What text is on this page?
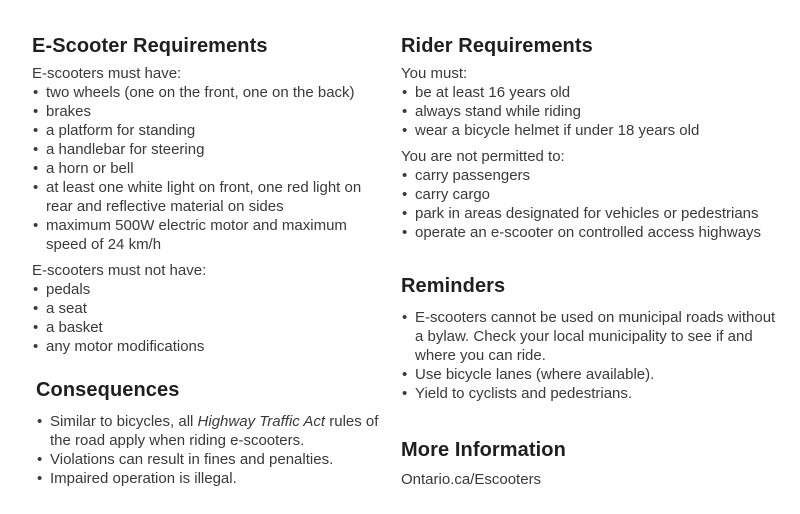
E-Scooter Requirements

E-scooters must have:

• two wheels (one on the front, one on the back)
• brakes
• a platform for standing
• a handlebar for steering
• a horn or bell
• at least one white light on front, one red light on rear and reflective material on sides
• maximum 500W electric motor and maximum speed of 24 km/h

E-scooters must not have:

• pedals
• a seat
• a basket
• any motor modifications
Consequences
• Similar to bicycles, all Highway Traffic Act rules of the road apply when riding e-scooters.
• Violations can result in fines and penalties.
• Impaired operation is illegal.
Rider Requirements

You must:

• be at least 16 years old
• always stand while riding
• wear a bicycle helmet if under 18 years old

You are not permitted to:

• carry passengers
• carry cargo
• park in areas designated for vehicles or pedestrians
• operate an e-scooter on controlled access highways
Reminders
• E-scooters cannot be used on municipal roads without a bylaw. Check your local municipality to see if and where you can ride.
• Use bicycle lanes (where available).
• Yield to cyclists and pedestrians.
More Information

Ontario.ca/Escooters
